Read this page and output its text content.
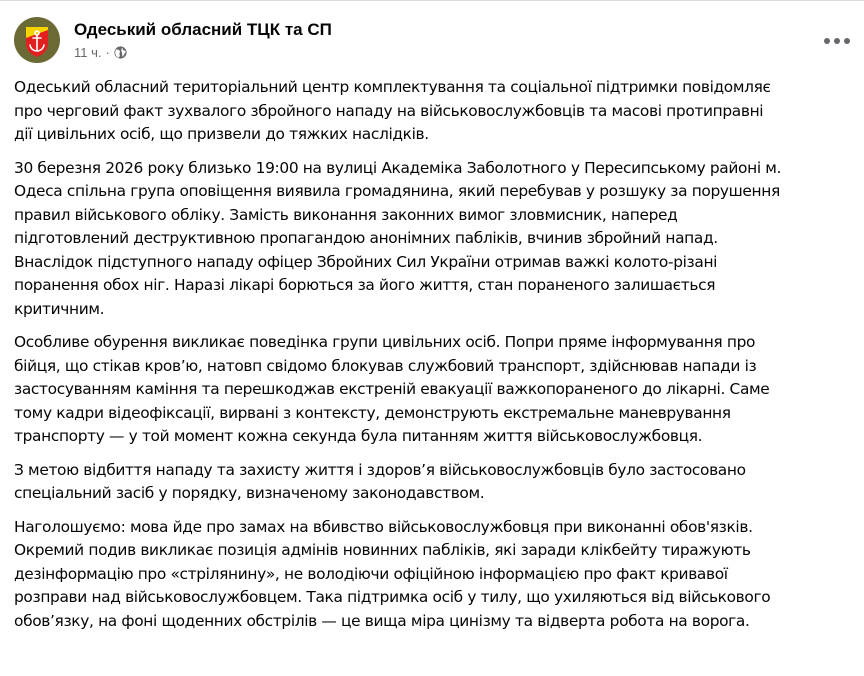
Одеський обласний ТЦК та СП
11 ч. ·

Одеський обласний територіальний центр комплектування та соціальної підтримки повідомляє
про черговий факт зухвалого збройного нападу на військовослужбовців та масові протиправні
дії цивільних осіб, що призвели до тяжких наслідків.

30 березня 2026 року близько 19:00 на вулиці Академіка Заболотного у Пересипському районі м.
Одеса спільна група оповіщення виявила громадянина, який перебував у розшуку за порушення
правил військового обліку. Замість виконання законних вимог зловмисник, наперед
підготовлений деструктивною пропагандою анонімних пабліків, вчинив збройний напад.
Внаслідок підступного нападу офіцер Збройних Сил України отримав важкі колото-різані
поранення обох ніг. Наразі лікарі борються за його життя, стан пораненого залишається
критичним.

Особливе обурення викликає поведінка групи цивільних осіб. Попри пряме інформування про
бійця, що стікав кров’ю, натовп свідомо блокував службовий транспорт, здійснював напади із
застосуванням каміння та перешкоджав екстреній евакуації важкопораненого до лікарні. Саме
тому кадри відеофіксації, вирвані з контексту, демонструють екстремальне маневрування
транспорту — у той момент кожна секунда була питанням життя військовослужбовця.

З метою відбиття нападу та захисту життя і здоров’я військовослужбовців було застосовано
спеціальний засіб у порядку, визначеному законодавством.

Наголошуємо: мова йде про замах на вбивство військовослужбовця при виконанні обов'язків.
Окремий подив викликає позиція адмінів новинних пабліків, які заради клікбейту тиражують
дезінформацію про «стрілянину», не володіючи офіційною інформацією про факт кривавої
розправи над військовослужбовцем. Така підтримка осіб у тилу, що ухиляються від військового
обов’язку, на фоні щоденних обстрілів — це вища міра цинізму та відверта робота на ворога.
